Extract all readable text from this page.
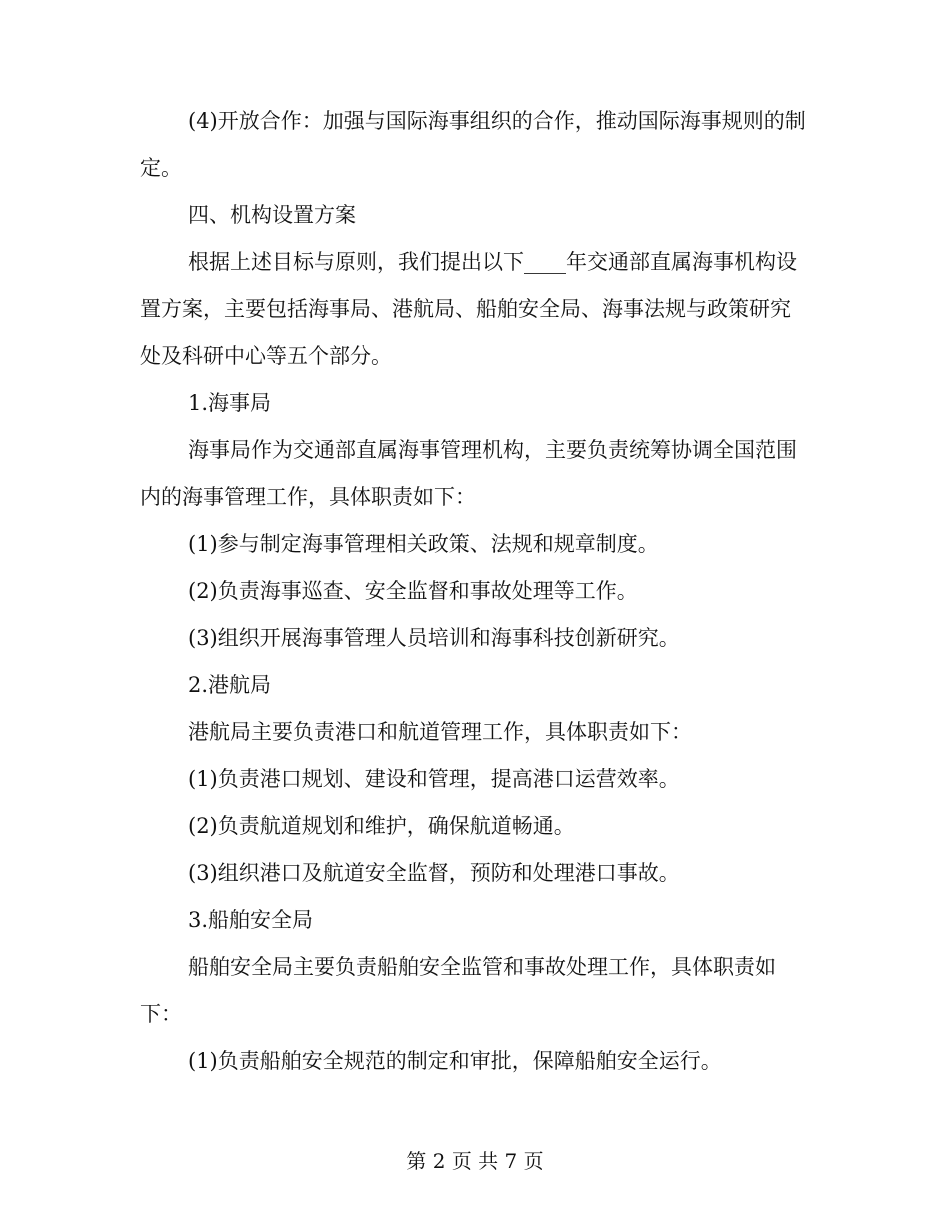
(4)开放合作：加强与国际海事组织的合作，推动国际海事规则的制定。

四、机构设置方案

根据上述目标与原则，我们提出以下____年交通部直属海事机构设置方案，主要包括海事局、港航局、船舶安全局、海事法规与政策研究处及科研中心等五个部分。

1.海事局

海事局作为交通部直属海事管理机构，主要负责统筹协调全国范围内的海事管理工作，具体职责如下：

(1)参与制定海事管理相关政策、法规和规章制度。

(2)负责海事巡查、安全监督和事故处理等工作。

(3)组织开展海事管理人员培训和海事科技创新研究。

2.港航局

港航局主要负责港口和航道管理工作，具体职责如下：

(1)负责港口规划、建设和管理，提高港口运营效率。

(2)负责航道规划和维护，确保航道畅通。

(3)组织港口及航道安全监督，预防和处理港口事故。

3.船舶安全局

船舶安全局主要负责船舶安全监管和事故处理工作，具体职责如下：

(1)负责船舶安全规范的制定和审批，保障船舶安全运行。

第 2 页 共 7 页
